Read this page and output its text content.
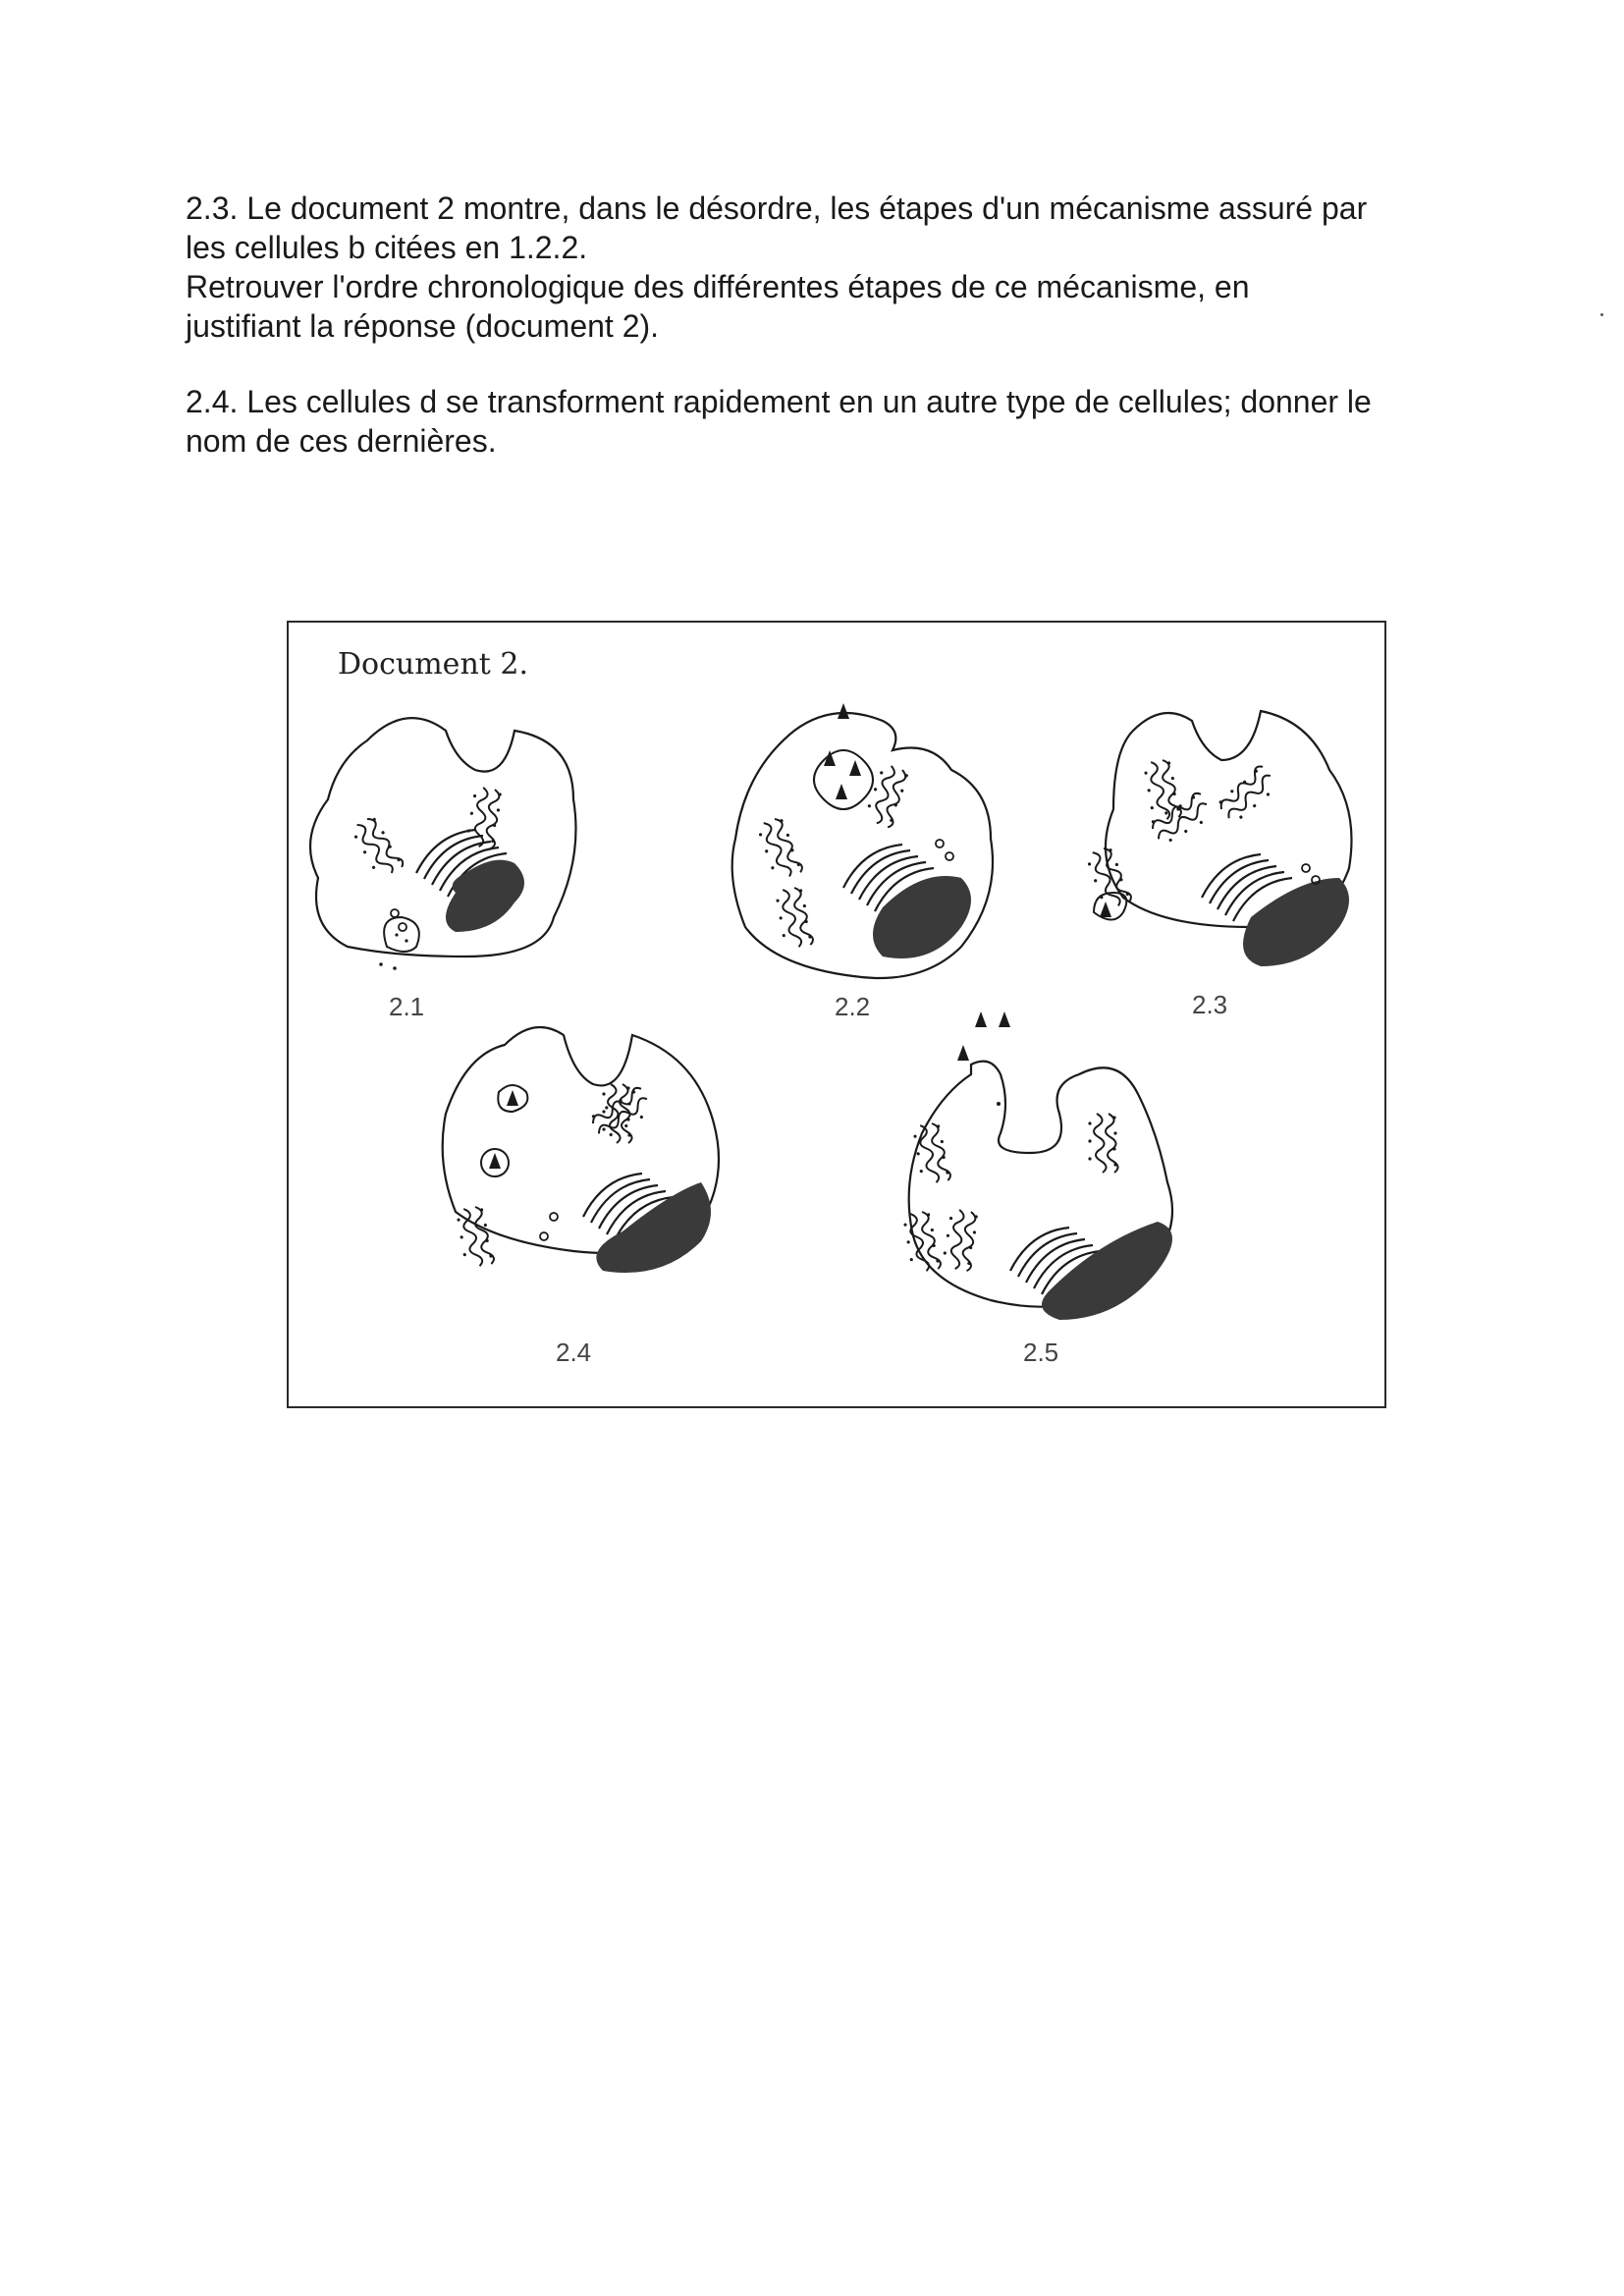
2.3. Le document 2 montre, dans le désordre, les étapes d'un mécanisme assuré par
les cellules b citées en 1.2.2.
Retrouver l'ordre chronologique des différentes étapes de ce mécanisme, en
justifiant la réponse (document 2).
2.4. Les cellules d se transforment rapidement en un autre type de cellules; donner le
nom de ces dernières.
Document 2.
2.1	2.2	2.3
2.4	2.5
